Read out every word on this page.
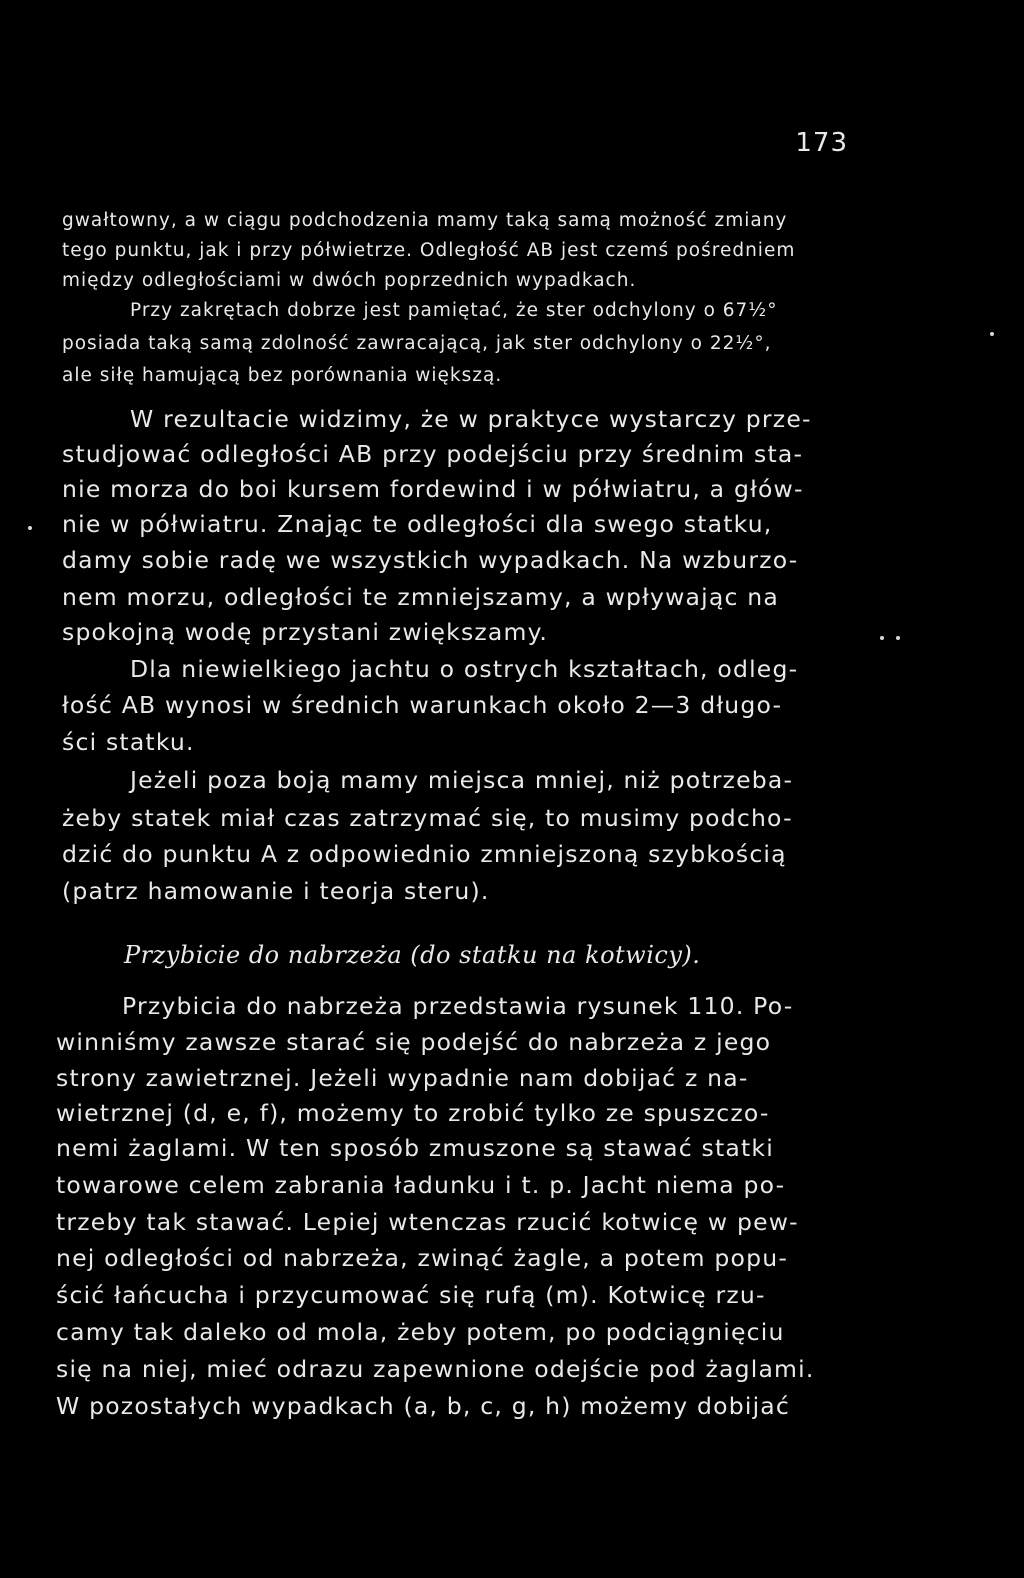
173
gwałtowny, a w ciągu podchodzenia mamy taką samą możność zmiany
tego punktu, jak i przy półwietrze. Odległość AB jest czemś pośredniem
między odległościami w dwóch poprzednich wypadkach.
Przy zakrętach dobrze jest pamiętać, że ster odchylony o 67½°
posiada taką samą zdolność zawracającą, jak ster odchylony o 22½°,
ale siłę hamującą bez porównania większą.
W rezultacie widzimy, że w praktyce wystarczy prze-
studjować odległości AB przy podejściu przy średnim sta-
nie morza do boi kursem fordewind i w półwiatru, a głów-
nie w półwiatru. Znając te odległości dla swego statku,
damy sobie radę we wszystkich wypadkach. Na wzburzo-
nem morzu, odległości te zmniejszamy, a wpływając na
spokojną wodę przystani zwiększamy.
Dla niewielkiego jachtu o ostrych kształtach, odleg-
łość AB wynosi w średnich warunkach około 2—3 długo-
ści statku.
Jeżeli poza boją mamy miejsca mniej, niż potrzeba-
żeby statek miał czas zatrzymać się, to musimy podcho-
dzić do punktu A z odpowiednio zmniejszoną szybkością
(patrz hamowanie i teorja steru).
Przybicie do nabrzeża (do statku na kotwicy).
Przybicia do nabrzeża przedstawia rysunek 110. Po-
winniśmy zawsze starać się podejść do nabrzeża z jego
strony zawietrznej. Jeżeli wypadnie nam dobijać z na-
wietrznej (d, e, f), możemy to zrobić tylko ze spuszczo-
nemi żaglami. W ten sposób zmuszone są stawać statki
towarowe celem zabrania ładunku i t. p. Jacht niema po-
trzeby tak stawać. Lepiej wtenczas rzucić kotwicę w pew-
nej odległości od nabrzeża, zwinąć żagle, a potem popu-
ścić łańcucha i przycumować się rufą (m). Kotwicę rzu-
camy tak daleko od mola, żeby potem, po podciągnięciu
się na niej, mieć odrazu zapewnione odejście pod żaglami.
W pozostałych wypadkach (a, b, c, g, h) możemy dobijać
